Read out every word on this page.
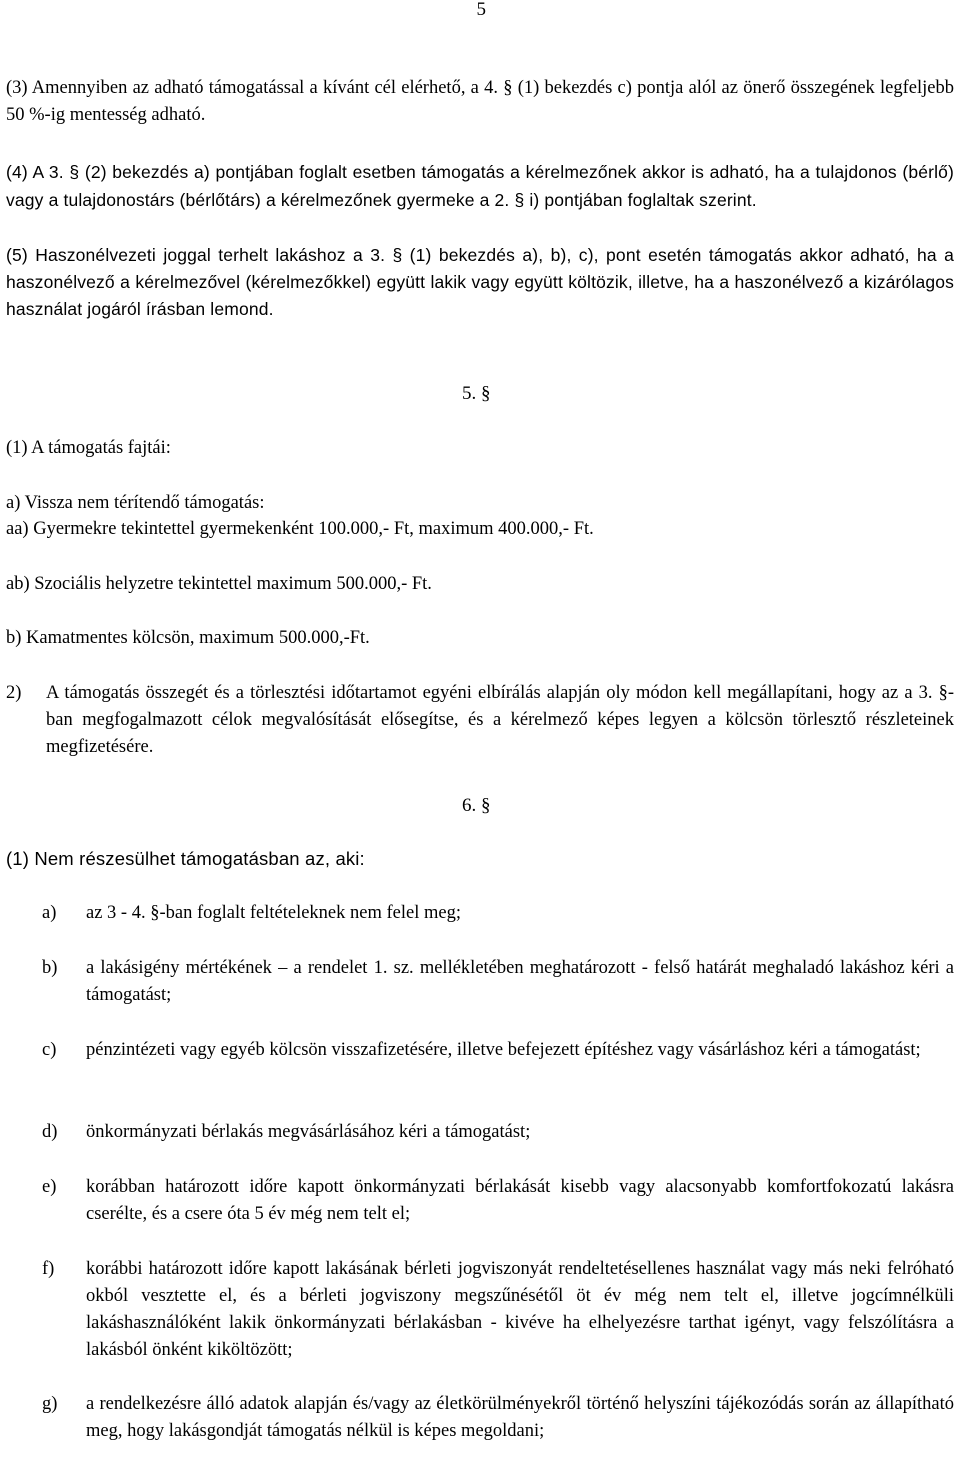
5

(3) Amennyiben az adható támogatással a kívánt cél elérhető, a 4. § (1) bekezdés c) pontja alól az önerő összegének legfeljebb 50 %-ig mentesség adható.

(4) A 3. § (2) bekezdés a) pontjában foglalt esetben támogatás a kérelmezőnek akkor is adható, ha a tulajdonos (bérlő) vagy a tulajdonostárs (bérlőtárs) a kérelmezőnek gyermeke a 2. § i) pontjában foglaltak szerint.

(5) Haszonélvezeti joggal terhelt lakáshoz a 3. § (1) bekezdés a), b), c), pont esetén támogatás akkor adható, ha a haszonélvező a kérelmezővel (kérelmezőkkel) együtt lakik vagy együtt költözik, illetve, ha a haszonélvező a kizárólagos használat jogáról írásban lemond.

5. §
(1) A támogatás fajtái:
a) Vissza nem térítendő támogatás:
aa) Gyermekre tekintettel gyermekenként 100.000,- Ft, maximum 400.000,- Ft.
ab) Szociális helyzetre tekintettel maximum 500.000,- Ft.
b) Kamatmentes kölcsön, maximum 500.000,-Ft.
2) A támogatás összegét és a törlesztési időtartamot egyéni elbírálás alapján oly módon kell megállapítani, hogy az a 3. §-ban megfogalmazott célok megvalósítását elősegítse, és a kérelmező képes legyen a kölcsön törlesztő részleteinek megfizetésére.
6. §
(1) Nem részesülhet támogatásban az, aki:
a) az 3 - 4. §-ban foglalt feltételeknek nem felel meg;
b) a lakásigény mértékének – a rendelet 1. sz. mellékletében meghatározott - felső határát meghaladó lakáshoz kéri a támogatást;
c) pénzintézeti vagy egyéb kölcsön visszafizetésére, illetve befejezett építéshez vagy vásárláshoz kéri a támogatást;
d) önkormányzati bérlakás megvásárlásához kéri a támogatást;
e) korábban határozott időre kapott önkormányzati bérlakását kisebb vagy alacsonyabb komfortfokozatú lakásra cserélte, és a csere óta 5 év még nem telt el;
f) korábbi határozott időre kapott lakásának bérleti jogviszonyát rendeltetésellenes használat vagy más neki felróható okból vesztette el, és a bérleti jogviszony megszűnésétől öt év még nem telt el, illetve jogcímnélküli lakáshasználóként lakik önkormányzati bérlakásban - kivéve ha elhelyezésre tarthat igényt, vagy felszólításra a lakásból önként kiköltözött;
g) a rendelkezésre álló adatok alapján és/vagy az életkörülményekről történő helyszíni tájékozódás során az állapítható meg, hogy lakásgondját támogatás nélkül is képes megoldani;
